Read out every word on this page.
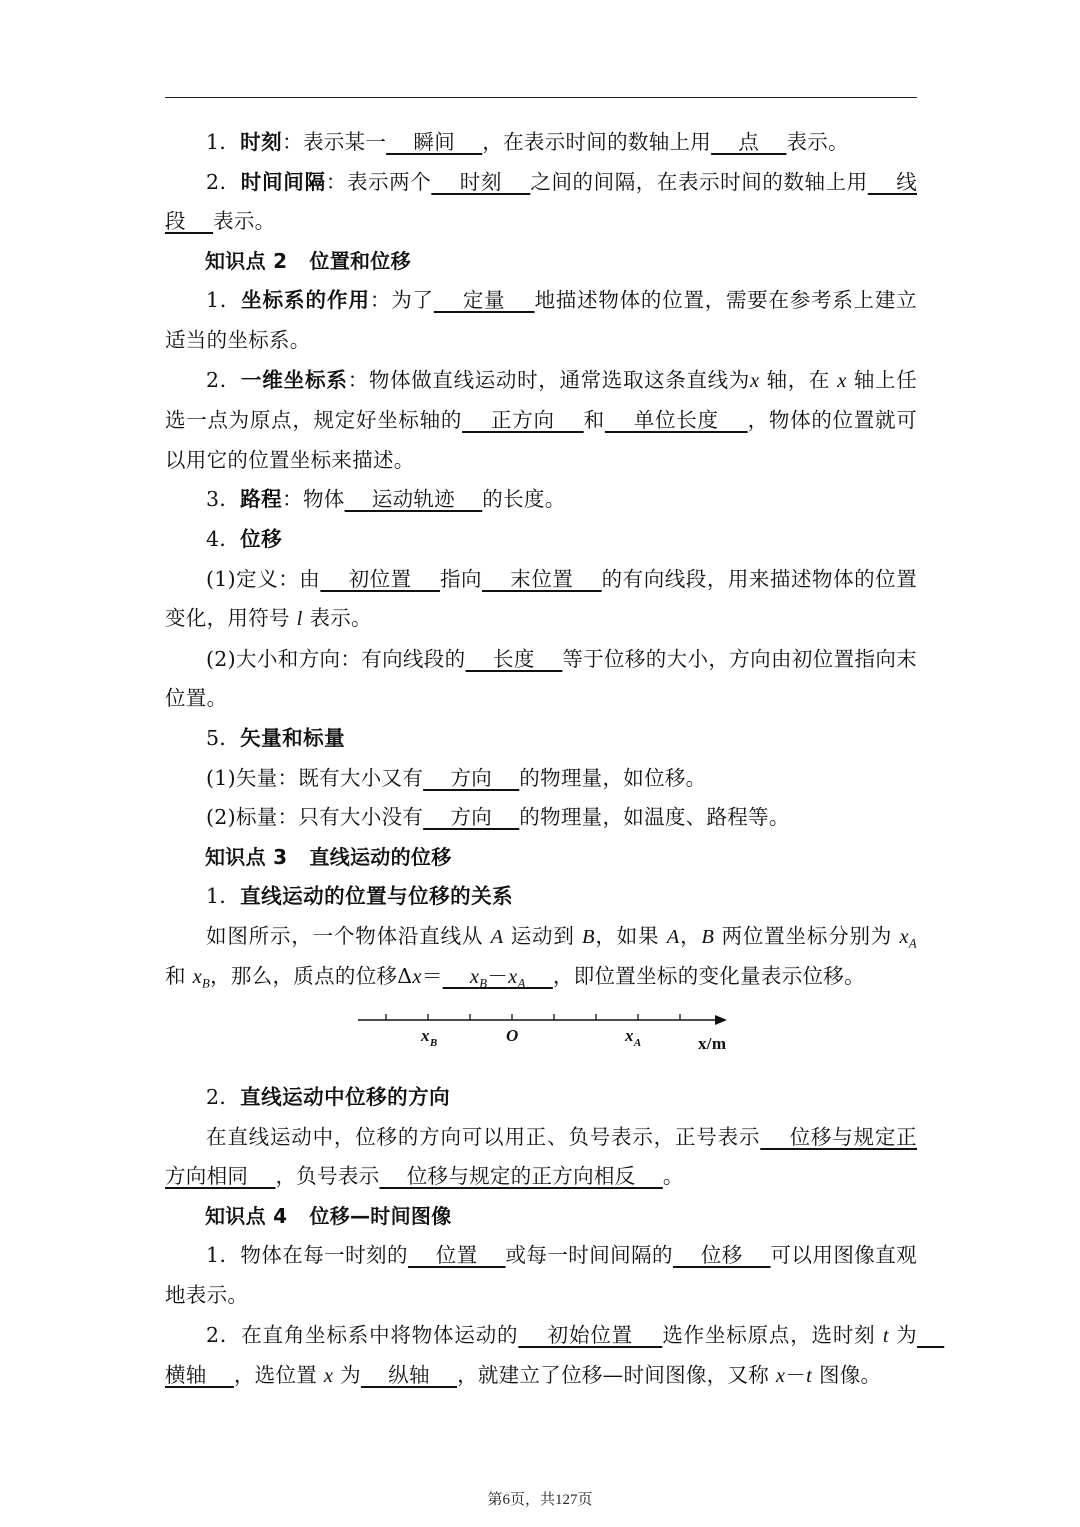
1．时刻：表示某一    瞬间    ，在表示时间的数轴上用    点    表示。

2．时间间隔：表示两个    时刻    之间的间隔，在表示时间的数轴上用    线段    表示。

知识点 2 位置和位移

1．坐标系的作用：为了    定量    地描述物体的位置，需要在参考系上建立适当的坐标系。

2．一维坐标系：物体做直线运动时，通常选取这条直线为x 轴，在 x 轴上任选一点为原点，规定好坐标轴的    正方向    和    单位长度    ，物体的位置就可以用它的位置坐标来描述。

3．路程：物体    运动轨迹    的长度。

4．位移

(1)定义：由    初位置    指向    末位置    的有向线段，用来描述物体的位置变化，用符号 l 表示。

(2)大小和方向：有向线段的    长度    等于位移的大小，方向由初位置指向末位置。

5．矢量和标量

(1)矢量：既有大小又有    方向    的物理量，如位移。

(2)标量：只有大小没有    方向    的物理量，如温度、路程等。

知识点 3 直线运动的位移

1．直线运动的位置与位移的关系

如图所示，一个物体沿直线从 A 运动到 B，如果 A，B 两位置坐标分别为 $x_A$和 $x_B$，那么，质点的位移$\Delta x= x_B-x_A$ ，即位置坐标的变化量表示位移。

$x_B$	O	$x_A$	x/m

2．直线运动中位移的方向

在直线运动中，位移的方向可以用正、负号表示，正号表示    位移与规定正方向相同    ，负号表示    位移与规定的正方向相反    。

知识点 4 位移—时间图像

1．物体在每一时刻的    位置    或每一时间间隔的    位移    可以用图像直观地表示。

2．在直角坐标系中将物体运动的    初始位置    选作坐标原点，选时刻 t 为    横轴    ，选位置 x 为    纵轴    ，就建立了位移—时间图像，又称 x－t 图像。

第6页，共127页
